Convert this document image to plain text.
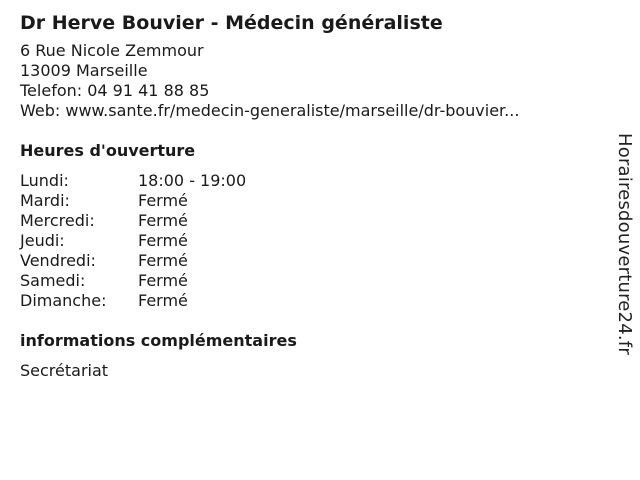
Dr Herve Bouvier - Médecin généraliste
6 Rue Nicole Zemmour
13009 Marseille
Telefon: 04 91 41 88 85
Web: www.sante.fr/medecin-generaliste/marseille/dr-bouvier...
Heures d'ouverture
Lundi:	18:00 - 19:00
Mardi:	Fermé
Mercredi:	Fermé
Jeudi:	Fermé
Vendredi:	Fermé
Samedi:	Fermé
Dimanche:	Fermé
informations complémentaires
Secrétariat
Horairesdouverture24.fr
